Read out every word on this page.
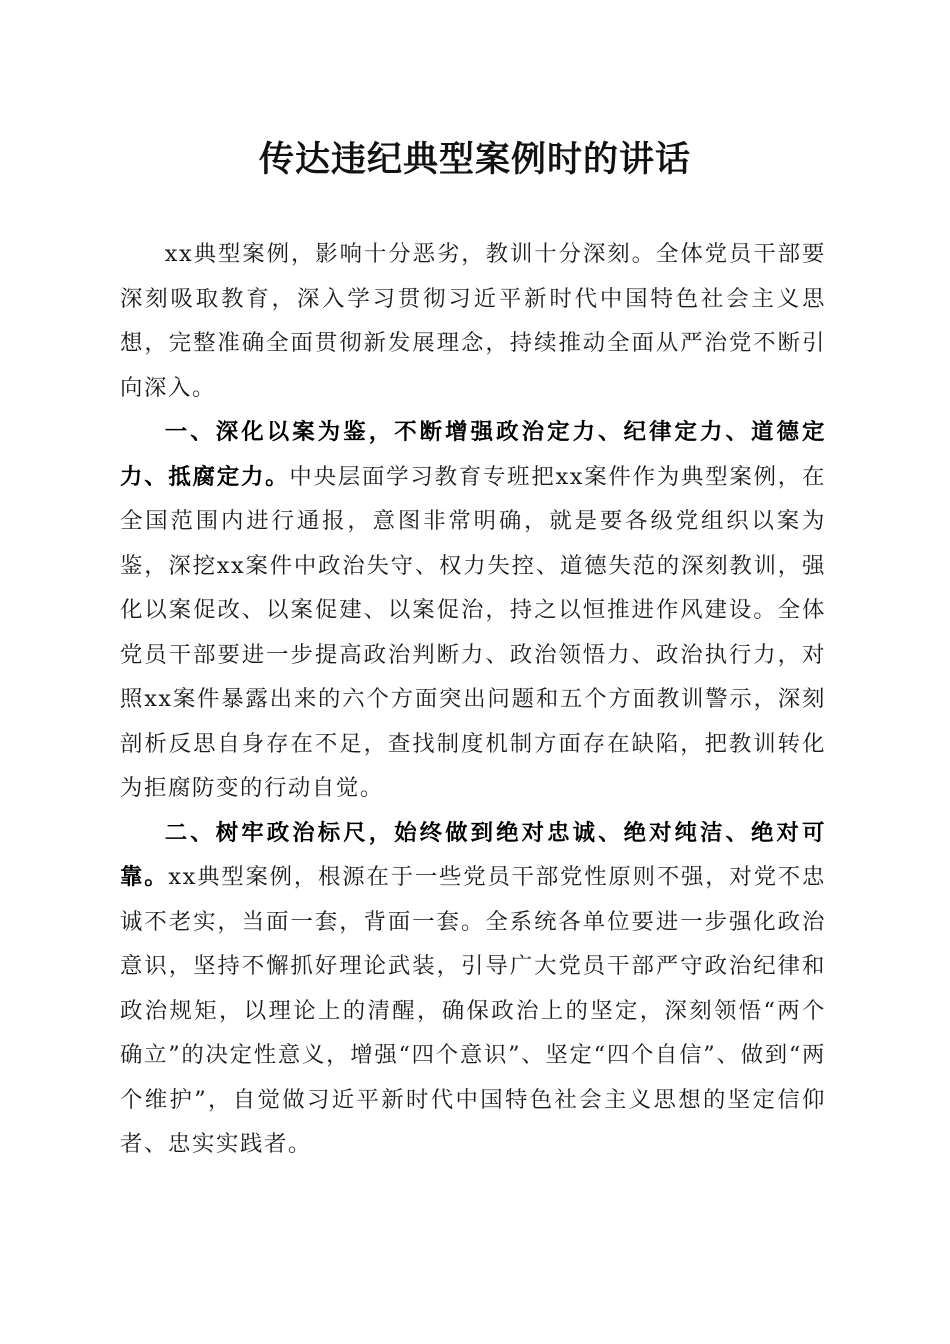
传达违纪典型案例时的讲话

xx典型案例，影响十分恶劣，教训十分深刻。全体党员干部要深刻吸取教育，深入学习贯彻习近平新时代中国特色社会主义思想，完整准确全面贯彻新发展理念，持续推动全面从严治党不断引向深入。

一、深化以案为鉴，不断增强政治定力、纪律定力、道德定力、抵腐定力。中央层面学习教育专班把xx案件作为典型案例，在全国范围内进行通报，意图非常明确，就是要各级党组织以案为鉴，深挖xx案件中政治失守、权力失控、道德失范的深刻教训，强化以案促改、以案促建、以案促治，持之以恒推进作风建设。全体党员干部要进一步提高政治判断力、政治领悟力、政治执行力，对照xx案件暴露出来的六个方面突出问题和五个方面教训警示，深刻剖析反思自身存在不足，查找制度机制方面存在缺陷，把教训转化为拒腐防变的行动自觉。

二、树牢政治标尺，始终做到绝对忠诚、绝对纯洁、绝对可靠。xx典型案例，根源在于一些党员干部党性原则不强，对党不忠诚不老实，当面一套，背面一套。全系统各单位要进一步强化政治意识，坚持不懈抓好理论武装，引导广大党员干部严守政治纪律和政治规矩，以理论上的清醒，确保政治上的坚定，深刻领悟“两个确立”的决定性意义，增强“四个意识”、坚定“四个自信”、做到“两个维护”，自觉做习近平新时代中国特色社会主义思想的坚定信仰者、忠实实践者。
